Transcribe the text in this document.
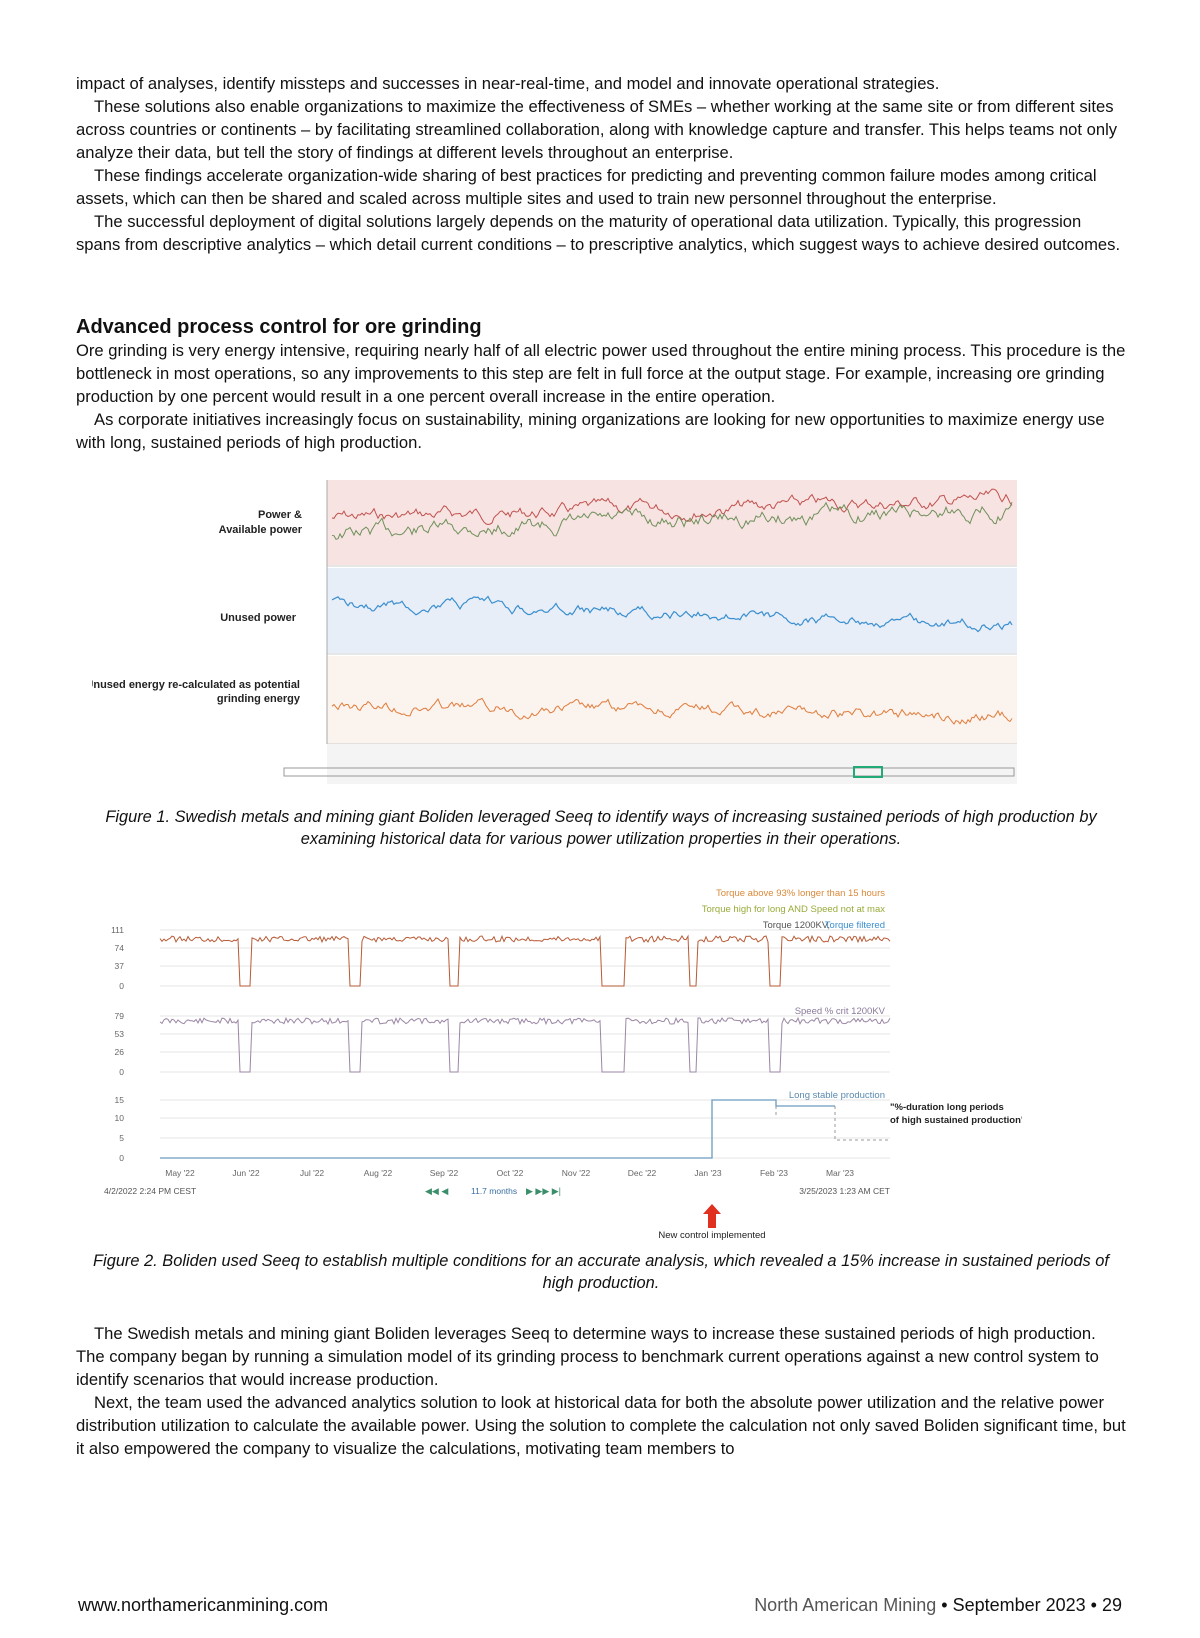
impact of analyses, identify missteps and successes in near-real-time, and model and innovate operational strategies.

These solutions also enable organizations to maximize the effectiveness of SMEs – whether working at the same site or from different sites across countries or continents – by facilitating streamlined collaboration, along with knowledge capture and transfer. This helps teams not only analyze their data, but tell the story of findings at different levels throughout an enterprise.

These findings accelerate organization-wide sharing of best practices for predicting and preventing common failure modes among critical assets, which can then be shared and scaled across multiple sites and used to train new personnel throughout the enterprise.

The successful deployment of digital solutions largely depends on the maturity of operational data utilization. Typically, this progression spans from descriptive analytics – which detail current conditions – to prescriptive analytics, which suggest ways to achieve desired outcomes.

Advanced process control for ore grinding

Ore grinding is very energy intensive, requiring nearly half of all electric power used throughout the entire mining process. This procedure is the bottleneck in most operations, so any improvements to this step are felt in full force at the output stage. For example, increasing ore grinding production by one percent would result in a one percent overall increase in the entire operation.

As corporate initiatives increasingly focus on sustainability, mining organizations are looking for new opportunities to maximize energy use with long, sustained periods of high production.

Power &
Available power
Unused power
Unused energy re-calculated as potential
grinding energy
Figure 1. Swedish metals and mining giant Boliden leveraged Seeq to identify ways of increasing sustained periods of high production by examining historical data for various power utilization properties in their operations.
Torque above 93% longer than 15 hours
Torque high for long AND Speed not at max
Torque 1200KV,
Torque filtered
Speed % crit 1200KV
Long stable production
111
74
37
0
79
53
26
0
15
10
5
0
"%-duration long periods
of high sustained production"
May '22	Jun '22	Jul '22	Aug '22	Sep '22	Oct '22	Nov '22	Dec '22	Jan '23	Feb '23	Mar '23
4/2/2022 2:24 PM CEST	3/25/2023 1:23 AM CET
◀◀ ◀	11.7 months ▶ ▶▶ ▶|
New control implemented
Figure 2. Boliden used Seeq to establish multiple conditions for an accurate analysis, which revealed a 15% increase in sustained periods of high production.

The Swedish metals and mining giant Boliden leverages Seeq to determine ways to increase these sustained periods of high production. The company began by running a simulation model of its grinding process to benchmark current operations against a new control system to identify scenarios that would increase production.

Next, the team used the advanced analytics solution to look at historical data for both the absolute power utilization and the relative power distribution utilization to calculate the available power. Using the solution to complete the calculation not only saved Boliden significant time, but it also empowered the company to visualize the calculations, motivating team members to

www.northamericanmining.com	North American Mining • September 2023 • 29
